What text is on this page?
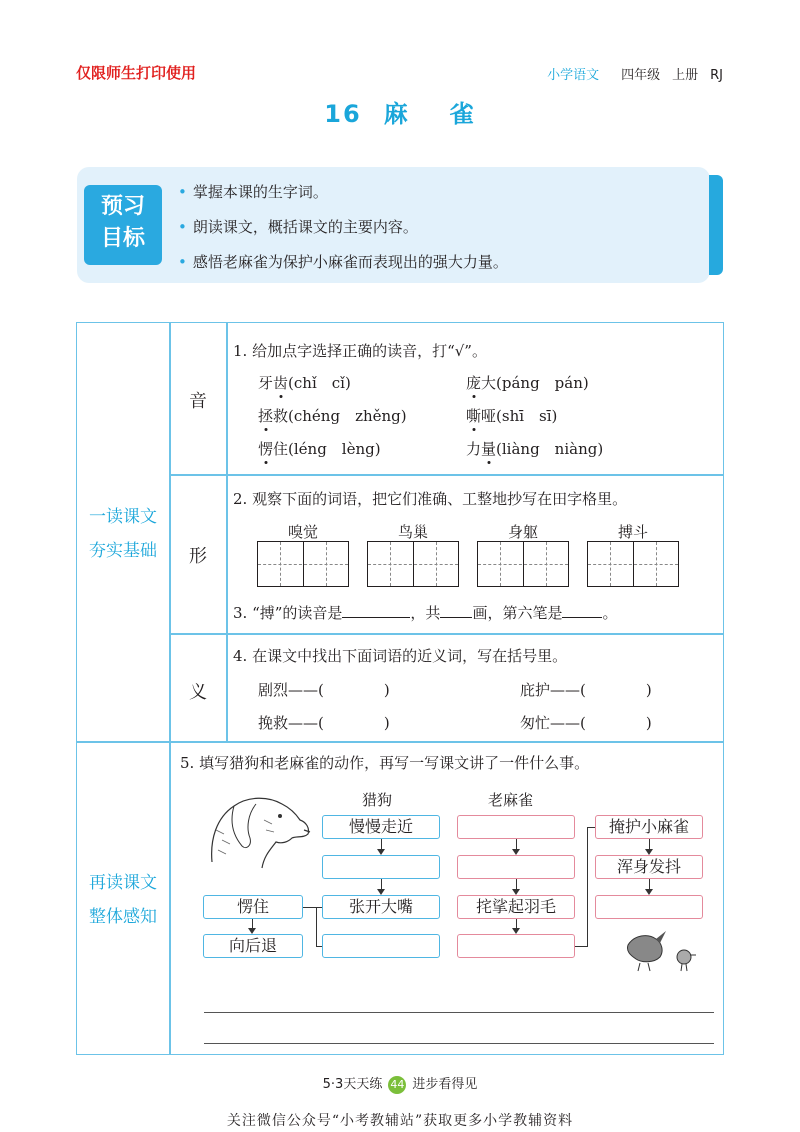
仅限师生打印使用	小学语文 四年级 上册 RJ
16 麻 雀
预习
目标
• 掌握本课的生字词。
• 朗读课文，概括课文的主要内容。
• 感悟老麻雀为保护小麻雀而表现出的强大力量。
一读课文
夯实基础
再读课文
整体感知
音
形
义
1. 给加点字选择正确的读音，打“√”。
牙齿(chǐ　cǐ)	庞大(páng　pán)
拯救(chéng　zhěng)	嘶哑(shī　sī)
愣住(léng　lèng)	力量(liàng　niàng)
2. 观察下面的词语，把它们准确、工整地抄写在田字格里。
嗅觉	鸟巢	身躯	搏斗
3. “搏”的读音是	，共 画，第六笔是	。
4. 在课文中找出下面词语的近义词，写在括号里。
剧烈——(　　　　)	庇护——(　　　　)
挽救——(　　　　)	匆忙——(　　　　)
5. 填写猎狗和老麻雀的动作，再写一写课文讲了一件什么事。
猎狗	老麻雀
慢慢走近
张开大嘴
愣住
向后退
挓挲起羽毛
掩护小麻雀
浑身发抖
5·3天天练 44 进步看得见
关注微信公众号“小考教辅站”获取更多小学教辅资料
